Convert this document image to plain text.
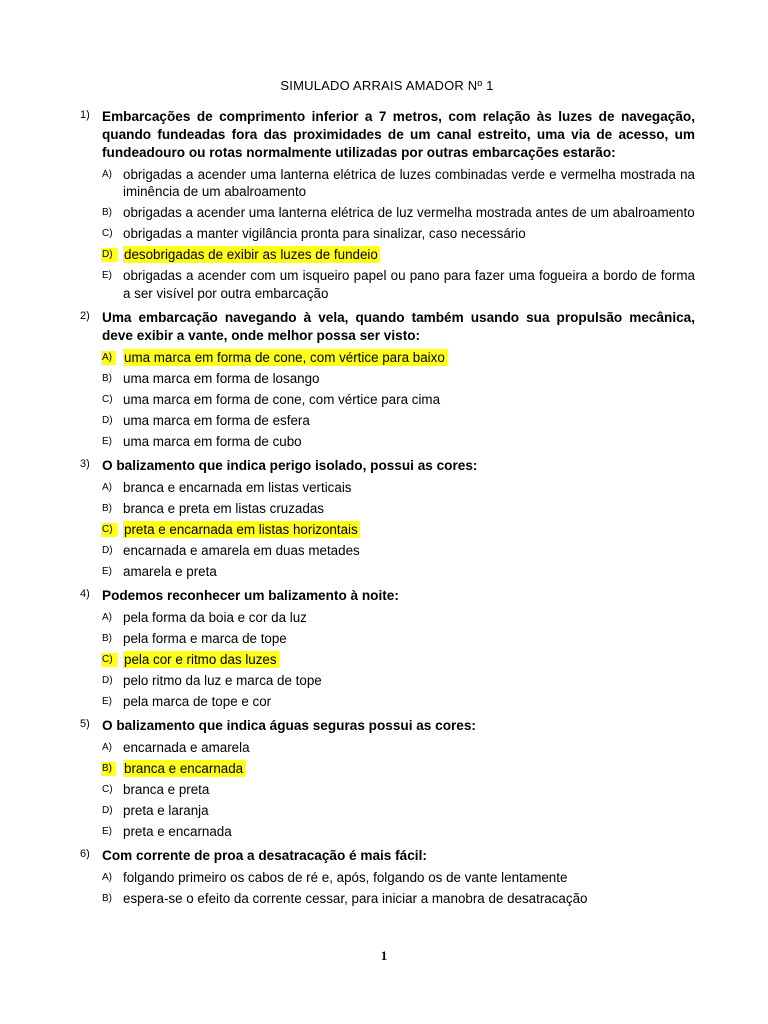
SIMULADO ARRAIS AMADOR Nº 1
1) Embarcações de comprimento inferior a 7 metros, com relação às luzes de navegação, quando fundeadas fora das proximidades de um canal estreito, uma via de acesso, um fundeadouro ou rotas normalmente utilizadas por outras embarcações estarão:
A) obrigadas a acender uma lanterna elétrica de luzes combinadas verde e vermelha mostrada na iminência de um abalroamento
B) obrigadas a acender uma lanterna elétrica de luz vermelha mostrada antes de um abalroamento
C) obrigadas a manter vigilância pronta para sinalizar, caso necessário
D) desobrigadas de exibir as luzes de fundeio
E) obrigadas a acender com um isqueiro papel ou pano para fazer uma fogueira a bordo de forma a ser visível por outra embarcação
2) Uma embarcação navegando à vela, quando também usando sua propulsão mecânica, deve exibir a vante, onde melhor possa ser visto:
A) uma marca em forma de cone, com vértice para baixo
B) uma marca em forma de losango
C) uma marca em forma de cone, com vértice para cima
D) uma marca em forma de esfera
E) uma marca em forma de cubo
3) O balizamento que indica perigo isolado, possui as cores:
A) branca e encarnada em listas verticais
B) branca e preta em listas cruzadas
C) preta e encarnada em listas horizontais
D) encarnada e amarela em duas metades
E) amarela e preta
4) Podemos reconhecer um balizamento à noite:
A) pela forma da boia e cor da luz
B) pela forma e marca de tope
C) pela cor e ritmo das luzes
D) pelo ritmo da luz e marca de tope
E) pela marca de tope e cor
5) O balizamento que indica águas seguras possui as cores:
A) encarnada e amarela
B) branca e encarnada
C) branca e preta
D) preta e laranja
E) preta e encarnada
6) Com corrente de proa a desatracação é mais fácil:
A) folgando primeiro os cabos de ré e, após, folgando os de vante lentamente
B) espera-se o efeito da corrente cessar, para iniciar a manobra de desatracação
1
